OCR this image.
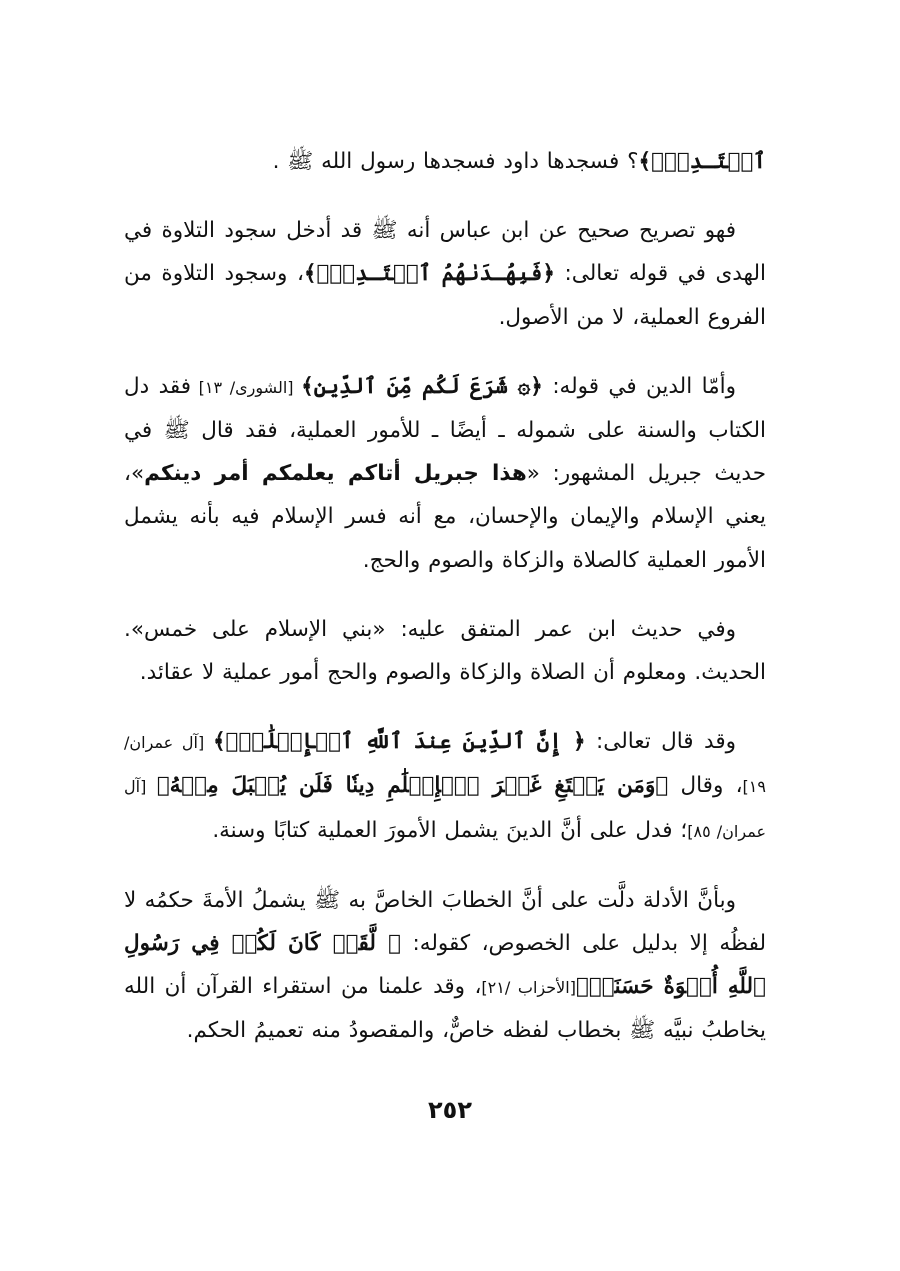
ٱقۡتَـدِهۡۗ﴾؟ فسجدها داود فسجدها رسول الله ﷺ .

فهو تصريح صحيح عن ابن عباس أنه ﷺ قد أدخل سجود التلاوة في الهدى في قوله تعالى: ﴿فَبِهُـدَىٰهُمُ ٱقۡتَـدِهۡۗ﴾، وسجود التلاوة من الفروع العملية، لا من الأصول.

وأمّا الدين في قوله: ﴿۞ شَرَعَ لَكُم مِّنَ ٱلدِّينِ﴾ [الشورى/ ١٣] فقد دل الكتاب والسنة على شموله ـ أيضًا ـ للأمور العملية، فقد قال ﷺ في حديث جبريل المشهور: «هذا جبريل أتاكم يعلمكم أمر دينكم»، يعني الإسلام والإيمان والإحسان، مع أنه فسر الإسلام فيه بأنه يشمل الأمور العملية كالصلاة والزكاة والصوم والحج.

وفي حديث ابن عمر المتفق عليه: «بني الإسلام على خمس». الحديث. ومعلوم أن الصلاة والزكاة والصوم والحج أمور عملية لا عقائد.

وقد قال تعالى: ﴿ إِنَّ ٱلدِّينَ عِندَ ٱللَّهِ ٱلۡإِسۡلَٰمُۗ﴾ [آل عمران/ ١٩]، وقال ﴿وَمَن يَبۡتَغِ غَيۡرَ ٱلۡإِسۡلَٰمِ دِينٗا فَلَن يُقۡبَلَ مِنۡهُ﴾ [آل عمران/ ٨٥]؛ فدل على أنَّ الدينَ يشمل الأمورَ العملية كتابًا وسنة.

وبأنَّ الأدلة دلَّت على أنَّ الخطابَ الخاصَّ به ﷺ يشملُ الأمةَ حكمُه لا لفظُه إلا بدليل على الخصوص، كقوله: ﴿ لَّقَدۡ كَانَ لَكُمۡ فِي رَسُولِ ٱللَّهِ أُسۡوَةٌ حَسَنَةٞ﴾[الأحزاب /٢١]، وقد علمنا من استقراء القرآن أن الله يخاطبُ نبيَّه ﷺ بخطاب لفظه خاصٌّ، والمقصودُ منه تعميمُ الحكم.

٢٥٢
